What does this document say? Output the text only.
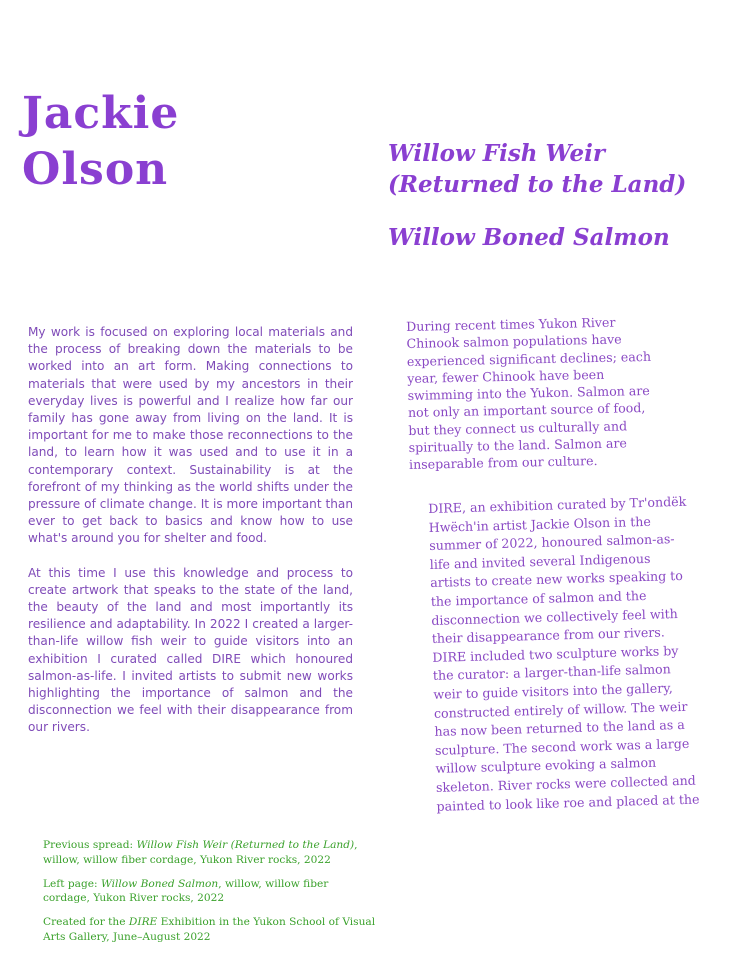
Jackie
Olson	Willow Fish Weir (Returned to the Land)
Willow Boned Salmon

My work is focused on exploring local materials and the process of breaking down the materials to be worked into an art form. Making connections to materials that were used by my ancestors in their everyday lives is powerful and I realize how far our family has gone away from living on the land. It is important for me to make those reconnections to the land, to learn how it was used and to use it in a contemporary context. Sustainability is at the forefront of my thinking as the world shifts under the pressure of climate change. It is more important than ever to get back to basics and know how to use what's around you for shelter and food.

At this time I use this knowledge and process to create artwork that speaks to the state of the land, the beauty of the land and most importantly its resilience and adaptability. In 2022 I created a larger-than-life willow fish weir to guide visitors into an exhibition I curated called DIRE which honoured salmon-as-life. I invited artists to submit new works highlighting the importance of salmon and the disconnection we feel with their disappearance from our rivers.

During recent times Yukon River Chinook salmon populations have experienced significant declines; each year, fewer Chinook have been swimming into the Yukon. Salmon are not only an important source of food, but they connect us culturally and spiritually to the land. Salmon are inseparable from our culture.

DIRE, an exhibition curated by Tr'ondëk Hwëch'in artist Jackie Olson in the summer of 2022, honoured salmon-as-life and invited several Indigenous artists to create new works speaking to the importance of salmon and the disconnection we collectively feel with their disappearance from our rivers. DIRE included two sculpture works by the curator: a larger-than-life salmon weir to guide visitors into the gallery, constructed entirely of willow. The weir has now been returned to the land as a sculpture. The second work was a large willow sculpture evoking a salmon skeleton. River rocks were collected and painted to look like roe and placed at the

Previous spread: Willow Fish Weir (Returned to the Land), willow, willow fiber cordage, Yukon River rocks, 2022

Left page: Willow Boned Salmon, willow, willow fiber cordage, Yukon River rocks, 2022

Created for the DIRE Exhibition in the Yukon School of Visual Arts Gallery, June–August 2022
